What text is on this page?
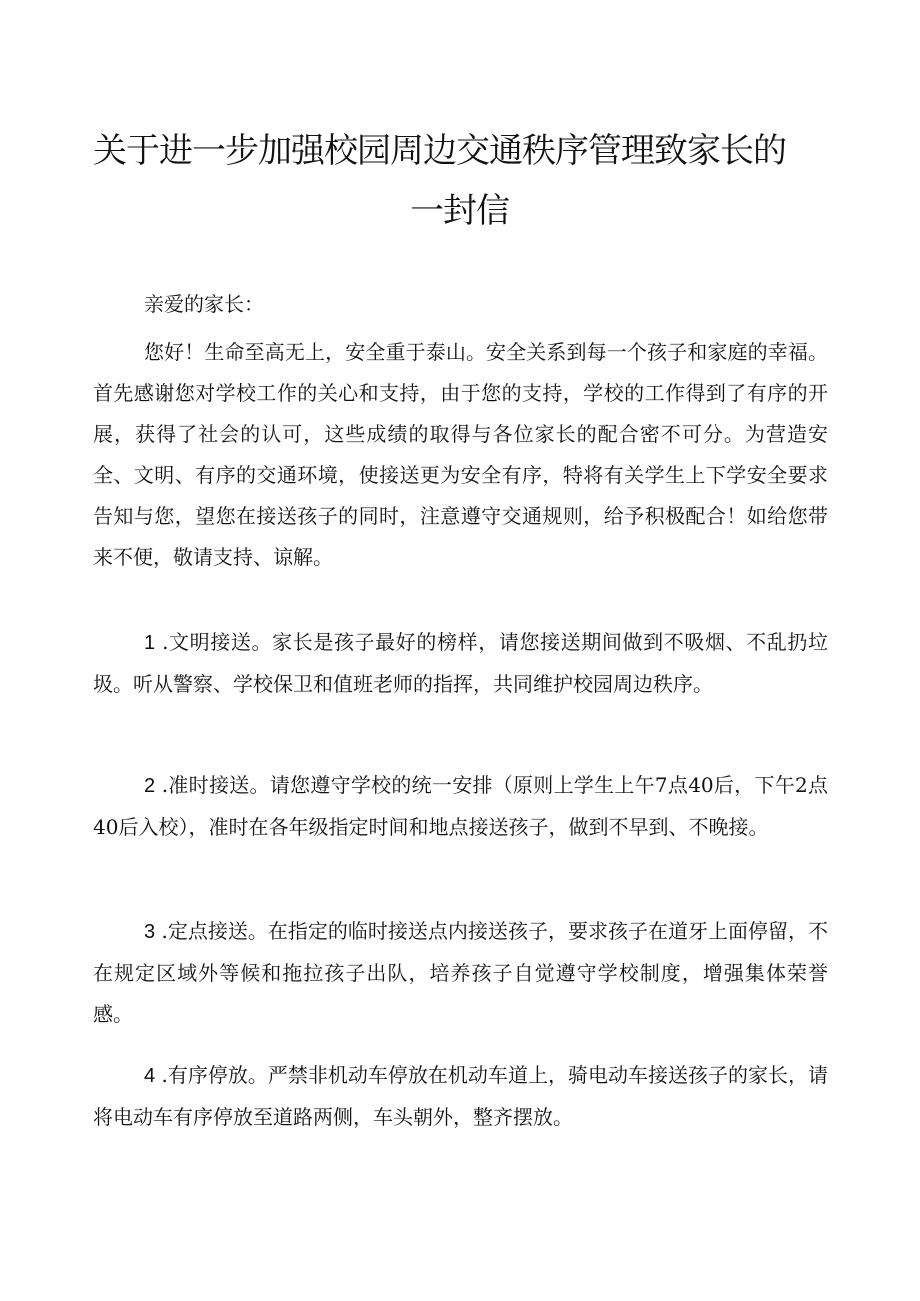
关于进一步加强校园周边交通秩序管理致家长的
一封信
亲爱的家长：

您好！生命至高无上，安全重于泰山。安全关系到每一个孩子和家庭的幸福。首先感谢您对学校工作的关心和支持，由于您的支持，学校的工作得到了有序的开展，获得了社会的认可，这些成绩的取得与各位家长的配合密不可分。为营造安全、文明、有序的交通环境，使接送更为安全有序，特将有关学生上下学安全要求告知与您，望您在接送孩子的同时，注意遵守交通规则，给予积极配合！如给您带来不便，敬请支持、谅解。

1 .文明接送。家长是孩子最好的榜样，请您接送期间做到不吸烟、不乱扔垃圾。听从警察、学校保卫和值班老师的指挥，共同维护校园周边秩序。

2 .准时接送。请您遵守学校的统一安排（原则上学生上午7点40后，下午2点40后入校），准时在各年级指定时间和地点接送孩子，做到不早到、不晚接。

3 .定点接送。在指定的临时接送点内接送孩子，要求孩子在道牙上面停留，不在规定区域外等候和拖拉孩子出队，培养孩子自觉遵守学校制度，增强集体荣誉感。

4 .有序停放。严禁非机动车停放在机动车道上，骑电动车接送孩子的家长，请将电动车有序停放至道路两侧，车头朝外，整齐摆放。
